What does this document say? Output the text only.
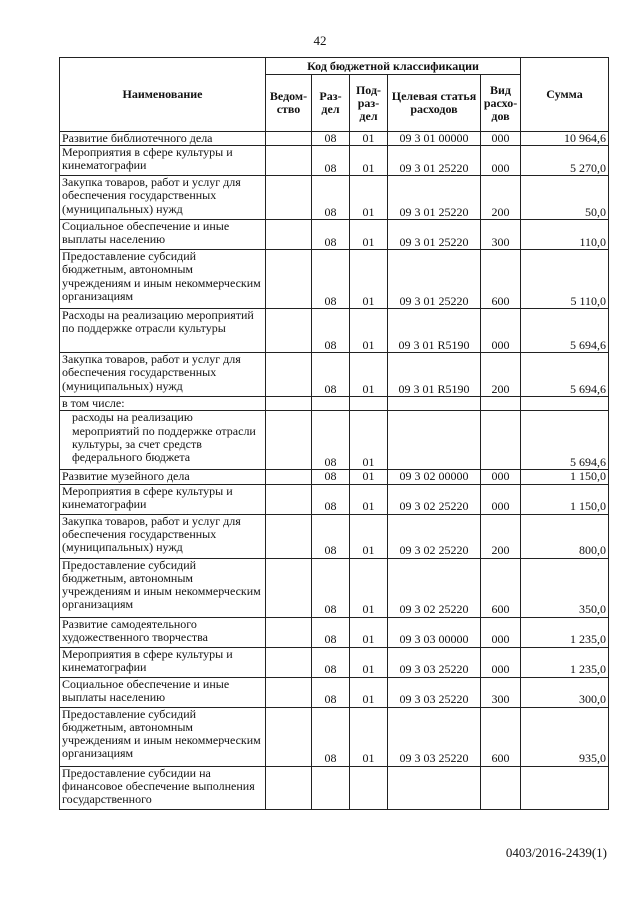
42
Наименование	Код бюджетной классификации					Сумма
	Ведом-ство	Раз-дел	Под-раз-дел	Целевая статья расходов	Вид расхо-дов	
Развитие библиотечного дела		08	01	09 3 01 00000	000	10 964,6
Мероприятия в сфере культуры и кинематографии		08	01	09 3 01 25220	000	5 270,0
Закупка товаров, работ и услуг для обеспечения государственных (муниципальных) нужд		08	01	09 3 01 25220	200	50,0
Социальное обеспечение и иные выплаты населению		08	01	09 3 01 25220	300	110,0
Предоставление субсидий бюджетным, автономным учреждениям и иным некоммерческим организациям		08	01	09 3 01 25220	600	5 110,0
Расходы на реализацию мероприятий по поддержке отрасли культуры		08	01	09 3 01 R5190	000	5 694,6
Закупка товаров, работ и услуг для обеспечения государственных (муниципальных) нужд		08	01	09 3 01 R5190	200	5 694,6
в том числе:						
расходы на реализацию мероприятий по поддержке отрасли культуры, за счет средств федерального бюджета		08	01			5 694,6
Развитие музейного дела		08	01	09 3 02 00000	000	1 150,0
Мероприятия в сфере культуры и кинематографии		08	01	09 3 02 25220	000	1 150,0
Закупка товаров, работ и услуг для обеспечения государственных (муниципальных) нужд		08	01	09 3 02 25220	200	800,0
Предоставление субсидий бюджетным, автономным учреждениям и иным некоммерческим организациям		08	01	09 3 02 25220	600	350,0
Развитие самодеятельного художественного творчества		08	01	09 3 03 00000	000	1 235,0
Мероприятия в сфере культуры и кинематографии		08	01	09 3 03 25220	000	1 235,0
Социальное обеспечение и иные выплаты населению		08	01	09 3 03 25220	300	300,0
Предоставление субсидий бюджетным, автономным учреждениям и иным некоммерческим организациям		08	01	09 3 03 25220	600	935,0
Предоставление субсидии на финансовое обеспечение выполнения государственного						
0403/2016-2439(1)
